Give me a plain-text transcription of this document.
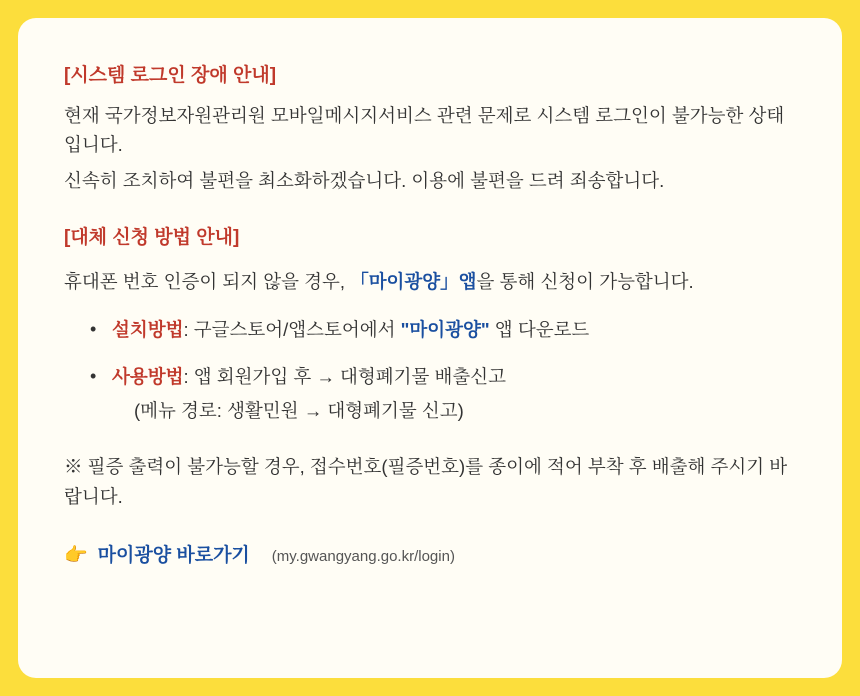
[시스템 로그인 장애 안내]

현재 국가정보자원관리원 모바일메시지서비스 관련 문제로 시스템 로그인이 불가능한 상태입니다.

신속히 조치하여 불편을 최소화하겠습니다. 이용에 불편을 드려 죄송합니다.

[대체 신청 방법 안내]

휴대폰 번호 인증이 되지 않을 경우, 「마이광양」앱을 통해 신청이 가능합니다.

• 설치방법: 구글스토어/앱스토어에서 "마이광양" 앱 다운로드
• 사용방법: 앱 회원가입 후 → 대형폐기물 배출신고
(메뉴 경로: 생활민원 → 대형폐기물 신고)

※ 필증 출력이 불가능할 경우, 접수번호(필증번호)를 종이에 적어 부착 후 배출해 주시기 바랍니다.

👉 마이광양 바로가기 (my.gwangyang.go.kr/login)
